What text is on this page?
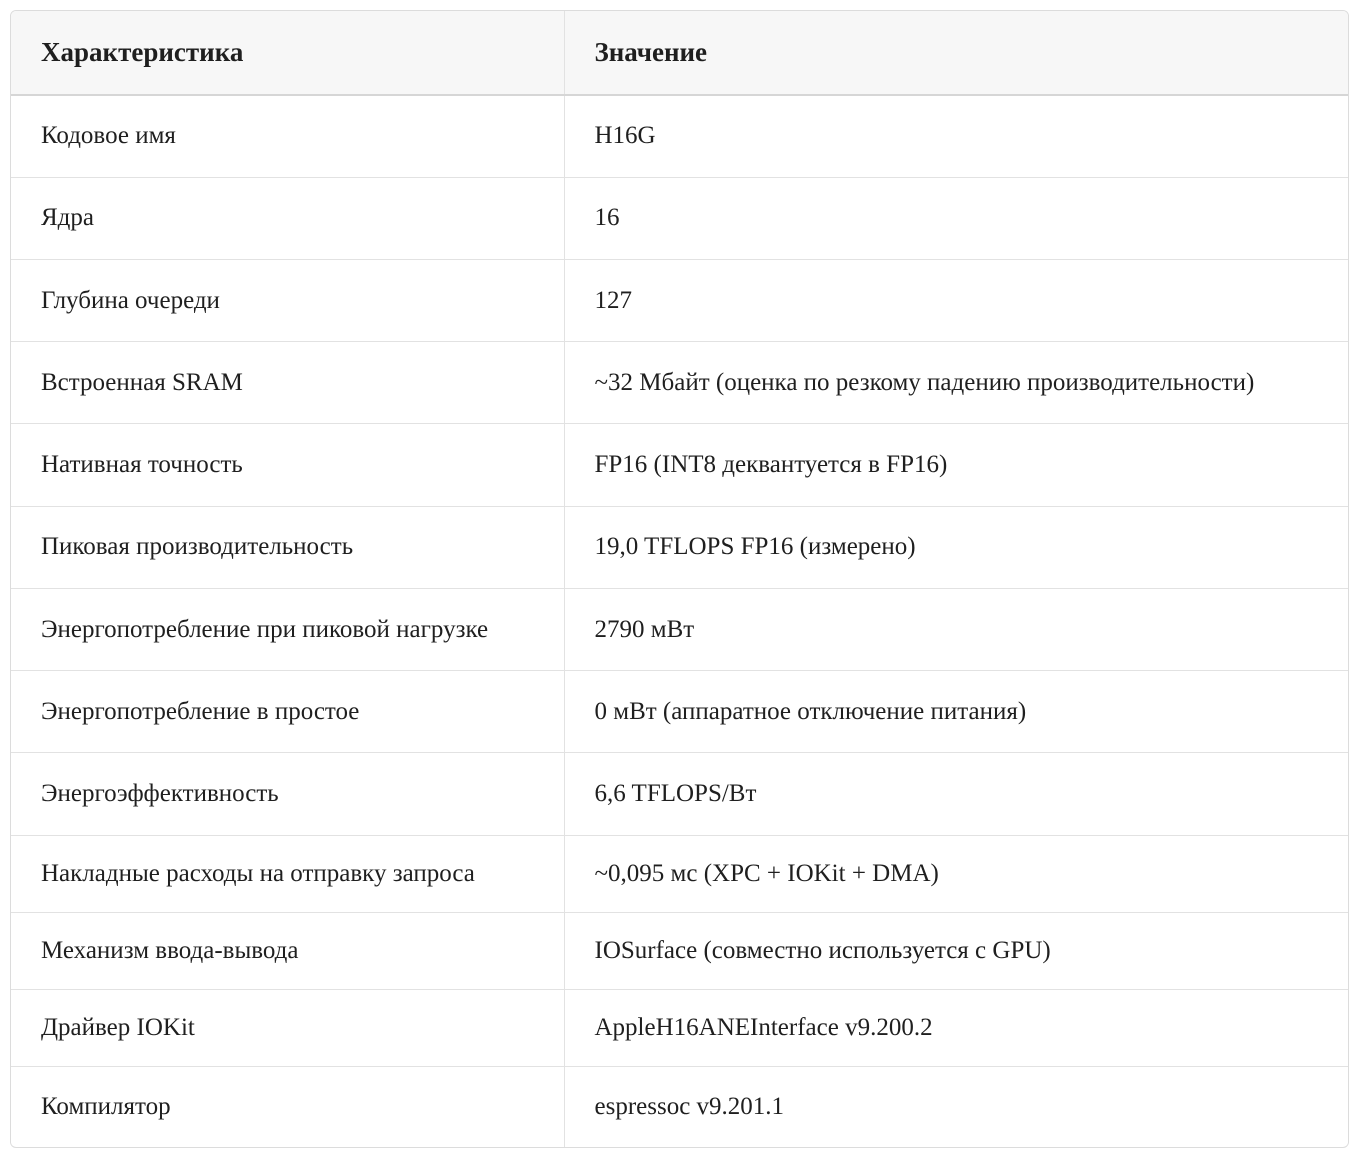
Характеристика	Значение
Кодовое имя	H16G
Ядра	16
Глубина очереди	127
Встроенная SRAM	~32 Мбайт (оценка по резкому падению производительности)
Нативная точность	FP16 (INT8 деквантуется в FP16)
Пиковая производительность	19,0 TFLOPS FP16 (измерено)
Энергопотребление при пиковой нагрузке	2790 мВт
Энергопотребление в простое	0 мВт (аппаратное отключение питания)
Энергоэффективность	6,6 TFLOPS/Вт
Накладные расходы на отправку запроса	~0,095 мс (XPC + IOKit + DMA)
Механизм ввода-вывода	IOSurface (совместно используется с GPU)
Драйвер IOKit	AppleH16ANEInterface v9.200.2
Компилятор	espressoc v9.201.1
